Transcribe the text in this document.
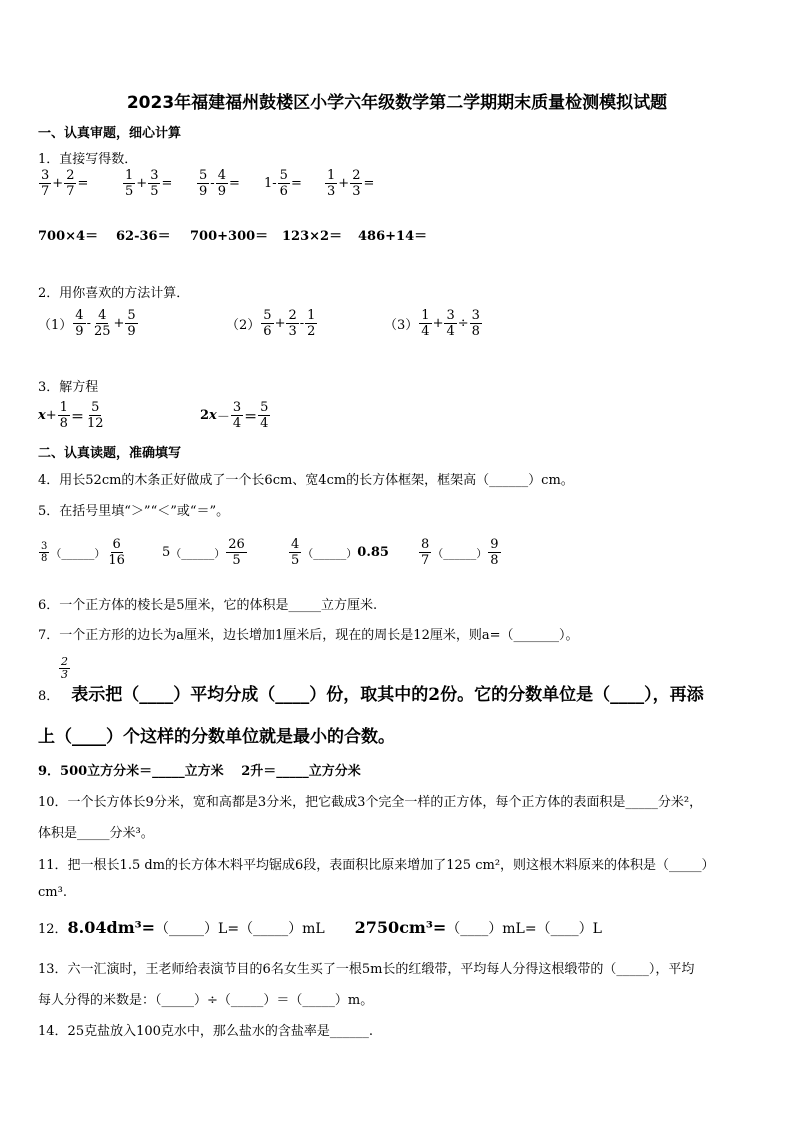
2023年福建福州鼓楼区小学六年级数学第二学期期末质量检测模拟试题
一、认真审题，细心计算
1．直接写得数．
$\frac{3}{7} + \frac{2}{7}$ =	$\frac{1}{5} + \frac{3}{5} = \frac{5}{9} - \frac{4}{9} = 1- \frac{5}{6} = \frac{1}{3} + \frac{2}{3}$ =
700×4＝ 62-36＝ 700+300＝ 123×2＝ 486+14＝
2．用你喜欢的方法计算．
$(1) \frac{4}{9} - \frac{4}{25} + \frac{5}{9}$	$(2) \frac{5}{6} + \frac{2}{3} - \frac{1}{2}$	$(3) \frac{1}{4} + \frac{3}{4} \div \frac{3}{8}$
3．解方程
$x + \frac{1}{8} = \frac{5}{12}$	$2x - \frac{3}{4} = \frac{5}{4}$
二、认真读题，准确填写
4．用长52cm的木条正好做成了一个长6cm、宽4cm的长方体框架，框架高（______）cm。
5．在括号里填“＞”“＜”或“＝”。
$\frac{3}{8}$ （______） $\frac{6}{16}$	5 （______） $\frac{26}{5}$	$\frac{4}{5}$ （______） $0.85 \frac{8}{7}$ （______） $\frac{9}{8}$
6．一个正方体的棱长是5厘米，它的体积是_____立方厘米.
7．一个正方形的边长为a厘米，边长增加1厘米后，现在的周长是12厘米，则a=（_______）。
$\frac{2}{3}$
8． 表示把（____）平均分成（____）份，取其中的2份。它的分数单位是（____），再添
上（____）个这样的分数单位就是最小的合数。
9．500立方分米＝_____立方米　 2升＝_____立方分米
10．一个长方体长9分米，宽和高都是3分米，把它截成3个完全一样的正方体，每个正方体的表面积是_____分米²，
体积是_____分米³。
11．把一根长1.5 dm的长方体木料平均锯成6段，表面积比原来增加了125 cm²，则这根木料原来的体积是（_____）
cm³.
12．8.04dm³=（_____）L=（_____）mL 2750cm³=（____）mL=（____）L
13．六一汇演时，王老师给表演节目的6名女生买了一根5m长的红缎带，平均每人分得这根缎带的（_____），平均
每人分得的米数是：（_____）÷（_____）＝（_____）m。
14．25克盐放入100克水中，那么盐水的含盐率是______.
